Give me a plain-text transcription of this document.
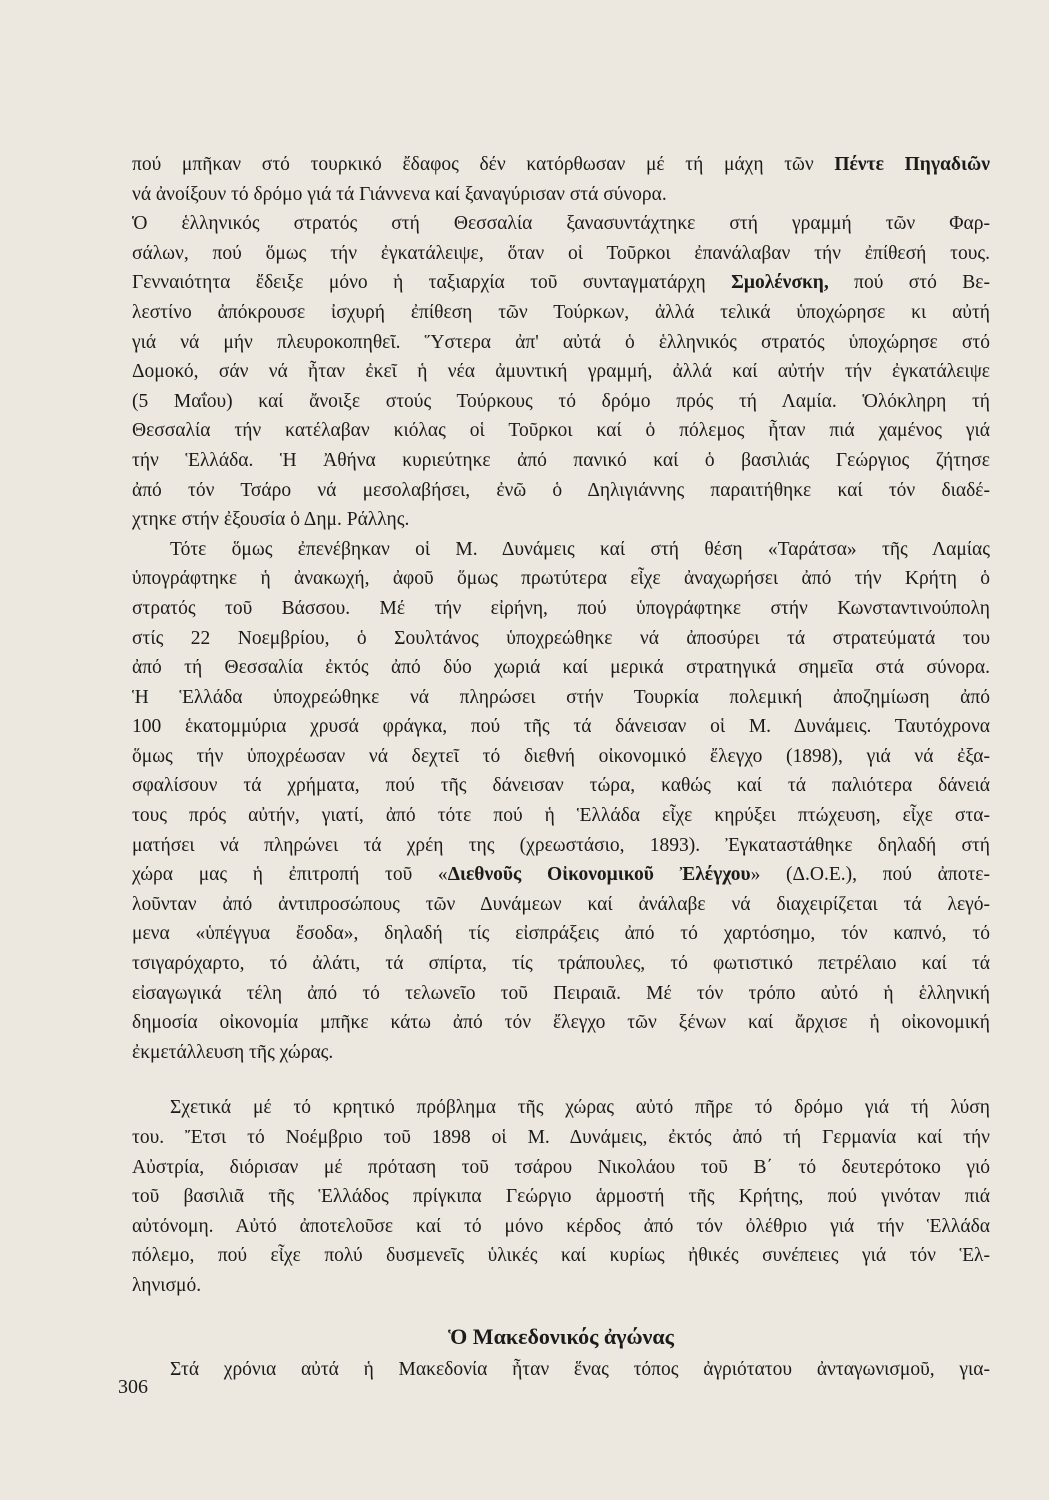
πού μπῆκαν στό τουρκικό ἔδαφος δέν κατόρθωσαν μέ τή μάχη τῶν Πέντε Πηγαδιῶν
νά ἀνοίξουν τό δρόμο γιά τά Γιάννενα καί ξαναγύρισαν στά σύνορα.
Ὁ ἑλληνικός στρατός στή Θεσσαλία ξανασυντάχτηκε στή γραμμή τῶν Φαρ-
σάλων, πού ὅμως τήν ἐγκατάλειψε, ὅταν οἱ Τοῦρκοι ἐπανάλαβαν τήν ἐπίθεσή τους.
Γενναιότητα ἔδειξε μόνο ἡ ταξιαρχία τοῦ συνταγματάρχη Σμολένσκη, πού στό Βε-
λεστίνο ἀπόκρουσε ἰσχυρή ἐπίθεση τῶν Τούρκων, ἀλλά τελικά ὑποχώρησε κι αὐτή
γιά νά μήν πλευροκοπηθεῖ. Ὕστερα ἀπ' αὐτά ὁ ἑλληνικός στρατός ὑποχώρησε στό
Δομοκό, σάν νά ἦταν ἐκεῖ ἡ νέα ἀμυντική γραμμή, ἀλλά καί αὐτήν τήν ἐγκατάλειψε
(5 Μαΐου) καί ἄνοιξε στούς Τούρκους τό δρόμο πρός τή Λαμία. Ὁλόκληρη τή
Θεσσαλία τήν κατέλαβαν κιόλας οἱ Τοῦρκοι καί ὁ πόλεμος ἦταν πιά χαμένος γιά
τήν Ἑλλάδα. Ἡ Ἀθήνα κυριεύτηκε ἀπό πανικό καί ὁ βασιλιάς Γεώργιος ζήτησε
ἀπό τόν Τσάρο νά μεσολαβήσει, ἐνῶ ὁ Δηλιγιάννης παραιτήθηκε καί τόν διαδέ-
χτηκε στήν ἐξουσία ὁ Δημ. Ράλλης.
Τότε ὅμως ἐπενέβηκαν οἱ Μ. Δυνάμεις καί στή θέση «Ταράτσα» τῆς Λαμίας
ὑπογράφτηκε ἡ ἀνακωχή, ἀφοῦ ὅμως πρωτύτερα εἶχε ἀναχωρήσει ἀπό τήν Κρήτη ὁ
στρατός τοῦ Βάσσου. Μέ τήν εἰρήνη, πού ὑπογράφτηκε στήν Κωνσταντινούπολη
στίς 22 Νοεμβρίου, ὁ Σουλτάνος ὑποχρεώθηκε νά ἀποσύρει τά στρατεύματά του
ἀπό τή Θεσσαλία ἐκτός ἀπό δύο χωριά καί μερικά στρατηγικά σημεῖα στά σύνορα.
Ἡ Ἑλλάδα ὑποχρεώθηκε νά πληρώσει στήν Τουρκία πολεμική ἀποζημίωση ἀπό
100 ἑκατομμύρια χρυσά φράγκα, πού τῆς τά δάνεισαν οἱ Μ. Δυνάμεις. Ταυτόχρονα
ὅμως τήν ὑποχρέωσαν νά δεχτεῖ τό διεθνή οἰκονομικό ἔλεγχο (1898), γιά νά ἐξα-
σφαλίσουν τά χρήματα, πού τῆς δάνεισαν τώρα, καθώς καί τά παλιότερα δάνειά
τους πρός αὐτήν, γιατί, ἀπό τότε πού ἡ Ἑλλάδα εἶχε κηρύξει πτώχευση, εἶχε στα-
ματήσει νά πληρώνει τά χρέη της (χρεωστάσιο, 1893). Ἐγκαταστάθηκε δηλαδή στή
χώρα μας ἡ ἐπιτροπή τοῦ «Διεθνοῦς Οἰκονομικοῦ Ἐλέγχου» (Δ.Ο.Ε.), πού ἀποτε-
λοῦνταν ἀπό ἀντιπροσώπους τῶν Δυνάμεων καί ἀνάλαβε νά διαχειρίζεται τά λεγό-
μενα «ὑπέγγυα ἔσοδα», δηλαδή τίς εἰσπράξεις ἀπό τό χαρτόσημο, τόν καπνό, τό
τσιγαρόχαρτο, τό ἀλάτι, τά σπίρτα, τίς τράπουλες, τό φωτιστικό πετρέλαιο καί τά
εἰσαγωγικά τέλη ἀπό τό τελωνεῖο τοῦ Πειραιᾶ. Μέ τόν τρόπο αὐτό ἡ ἑλληνική
δημοσία οἰκονομία μπῆκε κάτω ἀπό τόν ἔλεγχο τῶν ξένων καί ἄρχισε ἡ οἰκονομική
ἐκμετάλλευση τῆς χώρας.
Σχετικά μέ τό κρητικό πρόβλημα τῆς χώρας αὐτό πῆρε τό δρόμο γιά τή λύση
του. Ἔτσι τό Νοέμβριο τοῦ 1898 οἱ Μ. Δυνάμεις, ἐκτός ἀπό τή Γερμανία καί τήν
Αὐστρία, διόρισαν μέ πρόταση τοῦ τσάρου Νικολάου τοῦ Β΄ τό δευτερότοκο γιό
τοῦ βασιλιᾶ τῆς Ἑλλάδος πρίγκιπα Γεώργιο ἁρμοστή τῆς Κρήτης, πού γινόταν πιά
αὐτόνομη. Αὐτό ἀποτελοῦσε καί τό μόνο κέρδος ἀπό τόν ὀλέθριο γιά τήν Ἑλλάδα
πόλεμο, πού εἶχε πολύ δυσμενεῖς ὑλικές καί κυρίως ἠθικές συνέπειες γιά τόν Ἑλ-
ληνισμό.
Ὁ Μακεδονικός ἀγώνας
Στά χρόνια αὐτά ἡ Μακεδονία ἦταν ἕνας τόπος ἀγριότατου ἀνταγωνισμοῦ, για-
306
